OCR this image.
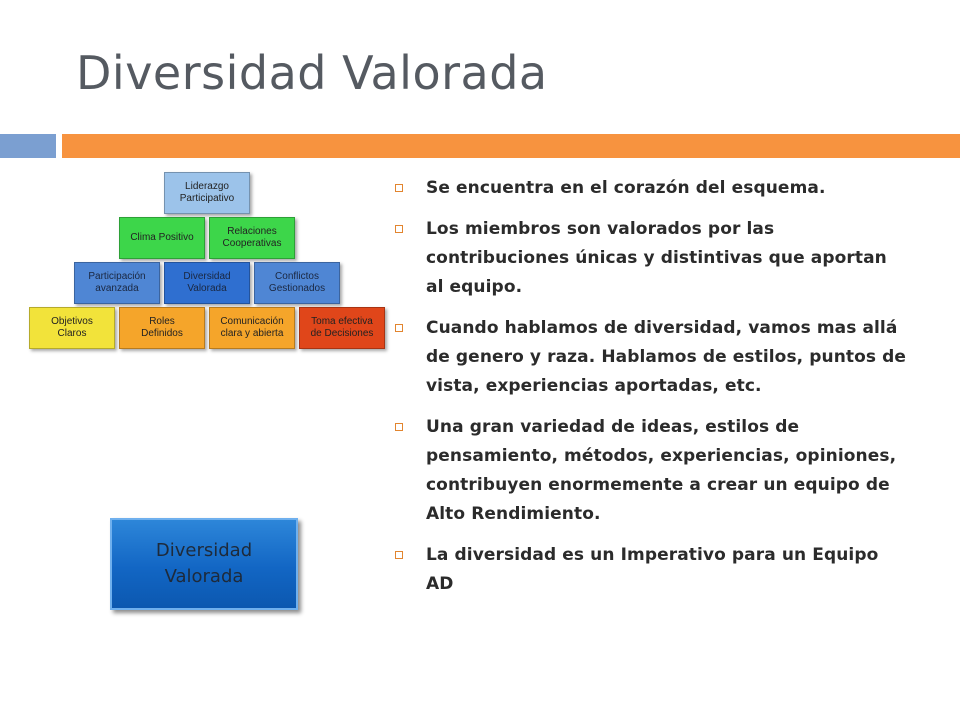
Diversidad Valorada
Liderazgo
Participativo
Clima Positivo
Relaciones
Cooperativas
Participación
avanzada
Diversidad
Valorada
Conflictos
Gestionados
Objetivos
Claros
Roles
Definidos
Comunicación
clara y abierta
Toma efectiva
de Decisiones
Diversidad
Valorada
Se encuentra en el corazón del esquema.
Los miembros son valorados por las contribuciones únicas y distintivas que aportan al equipo.
Cuando hablamos de diversidad, vamos mas allá de genero y raza. Hablamos de estilos, puntos de vista, experiencias aportadas, etc.
Una gran variedad de ideas, estilos de pensamiento, métodos, experiencias, opiniones, contribuyen enormemente a crear un equipo de Alto Rendimiento.
La diversidad es un Imperativo para un Equipo AD
